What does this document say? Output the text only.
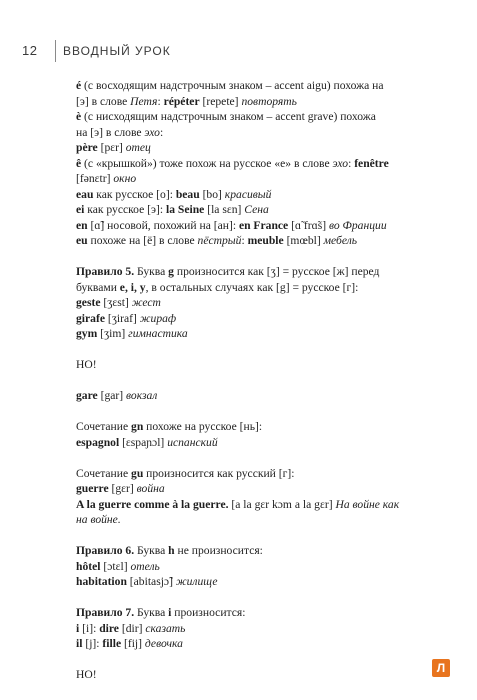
12 ВВОДНЫЙ УРОК
é (с восходящим надстрочным знаком – accent aigu) похожа на
[э] в слове Петя: répéter [repete] повторять
è (с нисходящим надстрочным знаком – accent grave) похожа
на [э] в слове эхо:
père [pɛr] отец
ê (с «крышкой») тоже похож на русское «е» в слове эхо: fenêtre
[fənɛtr] окно
eau как русское [о]: beau [bo] красивый
ei как русское [э]: la Seine [la sɛn] Сена
en [ɑ̃] носовой, похожий на [ан]: en France [ɑ̃ frɑ̃s] во Франции
eu похоже на [ё] в слове пёстрый: meuble [mœbl] мебель
Правило 5. Буква g произносится как [ʒ] = русское [ж] перед
буквами e, i, y, в остальных случаях как [g] = русское [г]:
geste [ʒɛst] жест
girafe [ʒiraf] жираф
gym [ʒim] гимнастика
НО!
gare [gar] вокзал
Сочетание gn похоже на русское [нь]:
espagnol [ɛspaɲɔl] испанский
Сочетание gu произносится как русский [г]:
guerre [gɛr] война
A la guerre comme à la guerre. [a la gɛr kɔm a la gɛr] На войне как
на войне.
Правило 6. Буква h не произносится:
hôtel [ɔtɛl] отель
habitation [abitasjɔ̃] жилище
Правило 7. Буква i произносится:
i [i]: dire [dir] сказать
il [j]: fille [fij] девочка
НО!	Л
